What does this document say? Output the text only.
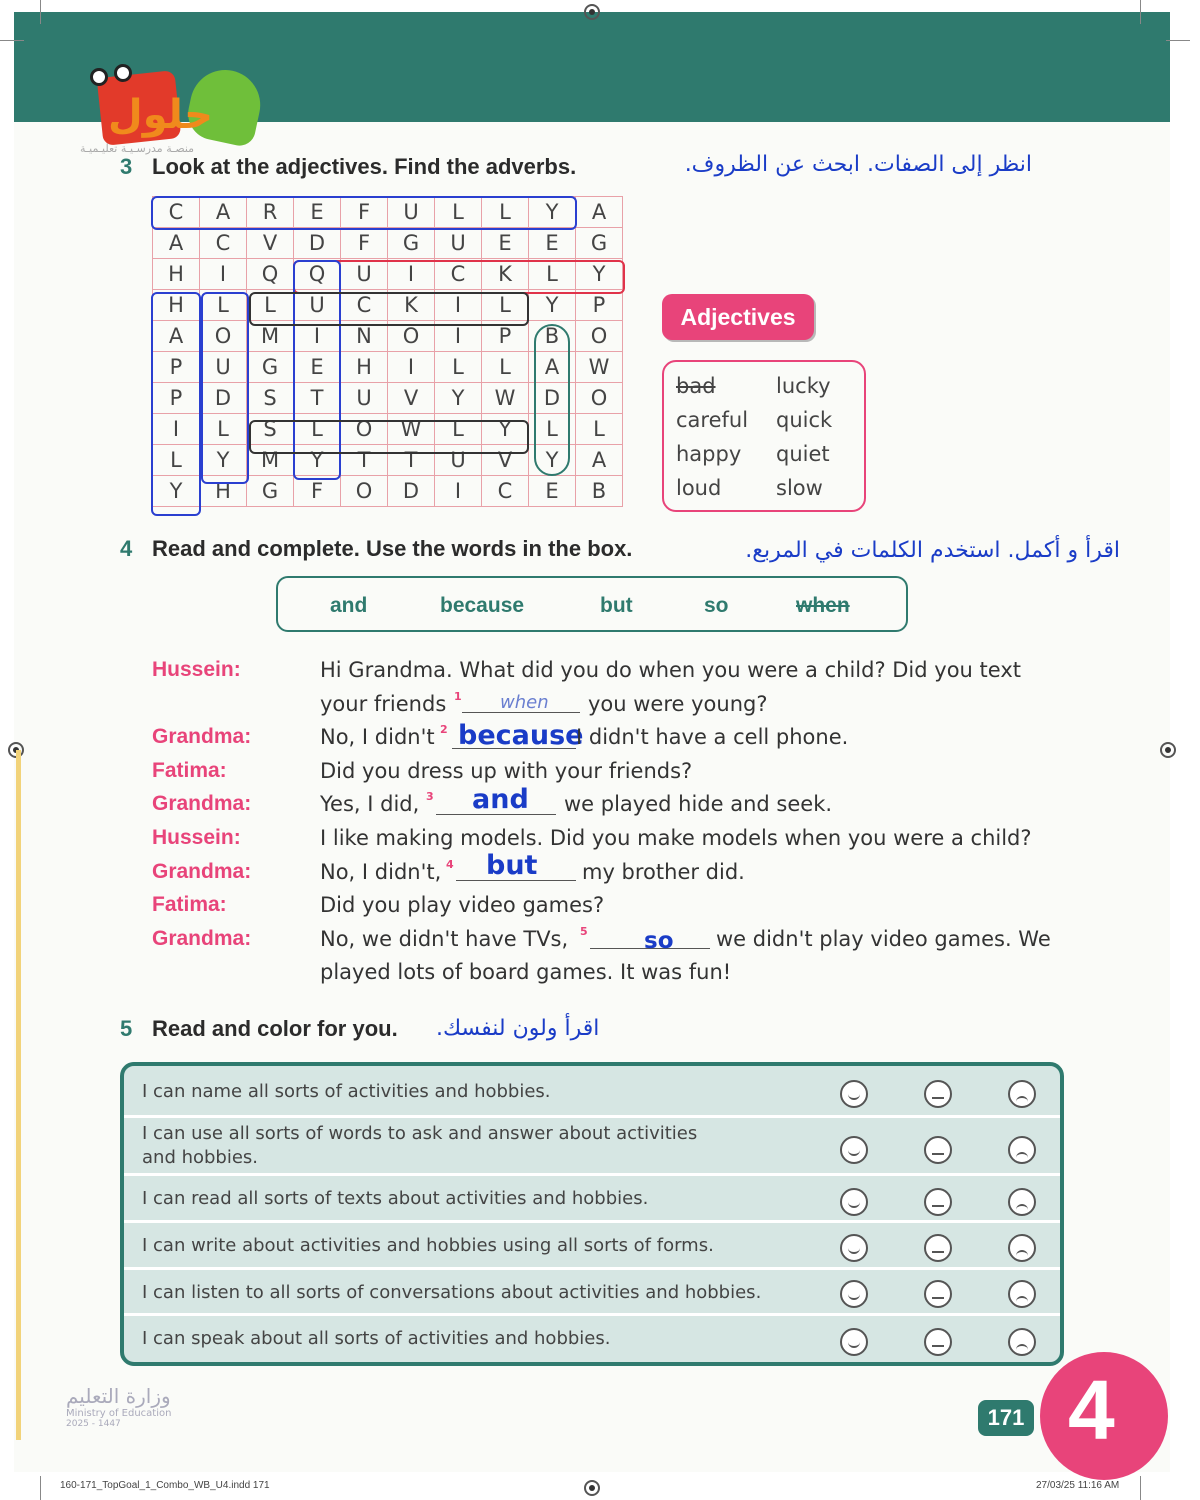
حلول
منصـة مدرسـيـة تعليـميـة
3 Look at the adjectives. Find the adverbs.	انظر إلى الصفات. ابحث عن الظروف.
C	A	R	E	F	U	L	L	Y	A
A	C	V	D	F	G	U	E	E	G
H	I	Q	Q	U	I	C	K	L	Y
H	L	L	U	C	K	I	L	Y	P
A	O	M	I	N	O	I	P	B	O
P	U	G	E	H	I	L	L	A	W
P	D	S	T	U	V	Y	W	D	O
I	L	S	L	O	W	L	Y	L	L
L	Y	M	Y	T	T	U	V	Y	A
Y	H	G	F	O	D	I	C	E	B
Adjectives
bad	lucky
careful quick
happy quiet
loud	slow
4 Read and complete. Use the words in the box.	اقرأ و أكمل. استخدم الكلمات في المربع.
and	because	but	so	when
Hussein:	Hi Grandma. What did you do when you were a child? Did you text
your friends 1 when you were young?
Grandma:	No, I didn't 2 because
I didn't have a cell phone.
Fatima:	Did you dress up with your friends?
Grandma:	Yes, I did, 3 and we played hide and seek.
Hussein:	I like making models. Did you make models when you were a child?
Grandma:	No, I didn't, 4 but my brother did.
Fatima:	Did you play video games?
Grandma:	No, we didn't have TVs, 5 so we didn't play video games. We
played lots of board games. It was fun!
5 Read and color for you. اقرأ ولون لنفسك.
I can name all sorts of activities and hobbies.
I can use all sorts of words to ask and answer about activities
and hobbies.
I can read all sorts of texts about activities and hobbies.
I can write about activities and hobbies using all sorts of forms.
I can listen to all sorts of conversations about activities and hobbies.
I can speak about all sorts of activities and hobbies.
وزارة التعليم
Ministry of Education
2025 - 1447	4
171
160-171_TopGoal_1_Combo_WB_U4.indd 171	27/03/25 11:16 AM
